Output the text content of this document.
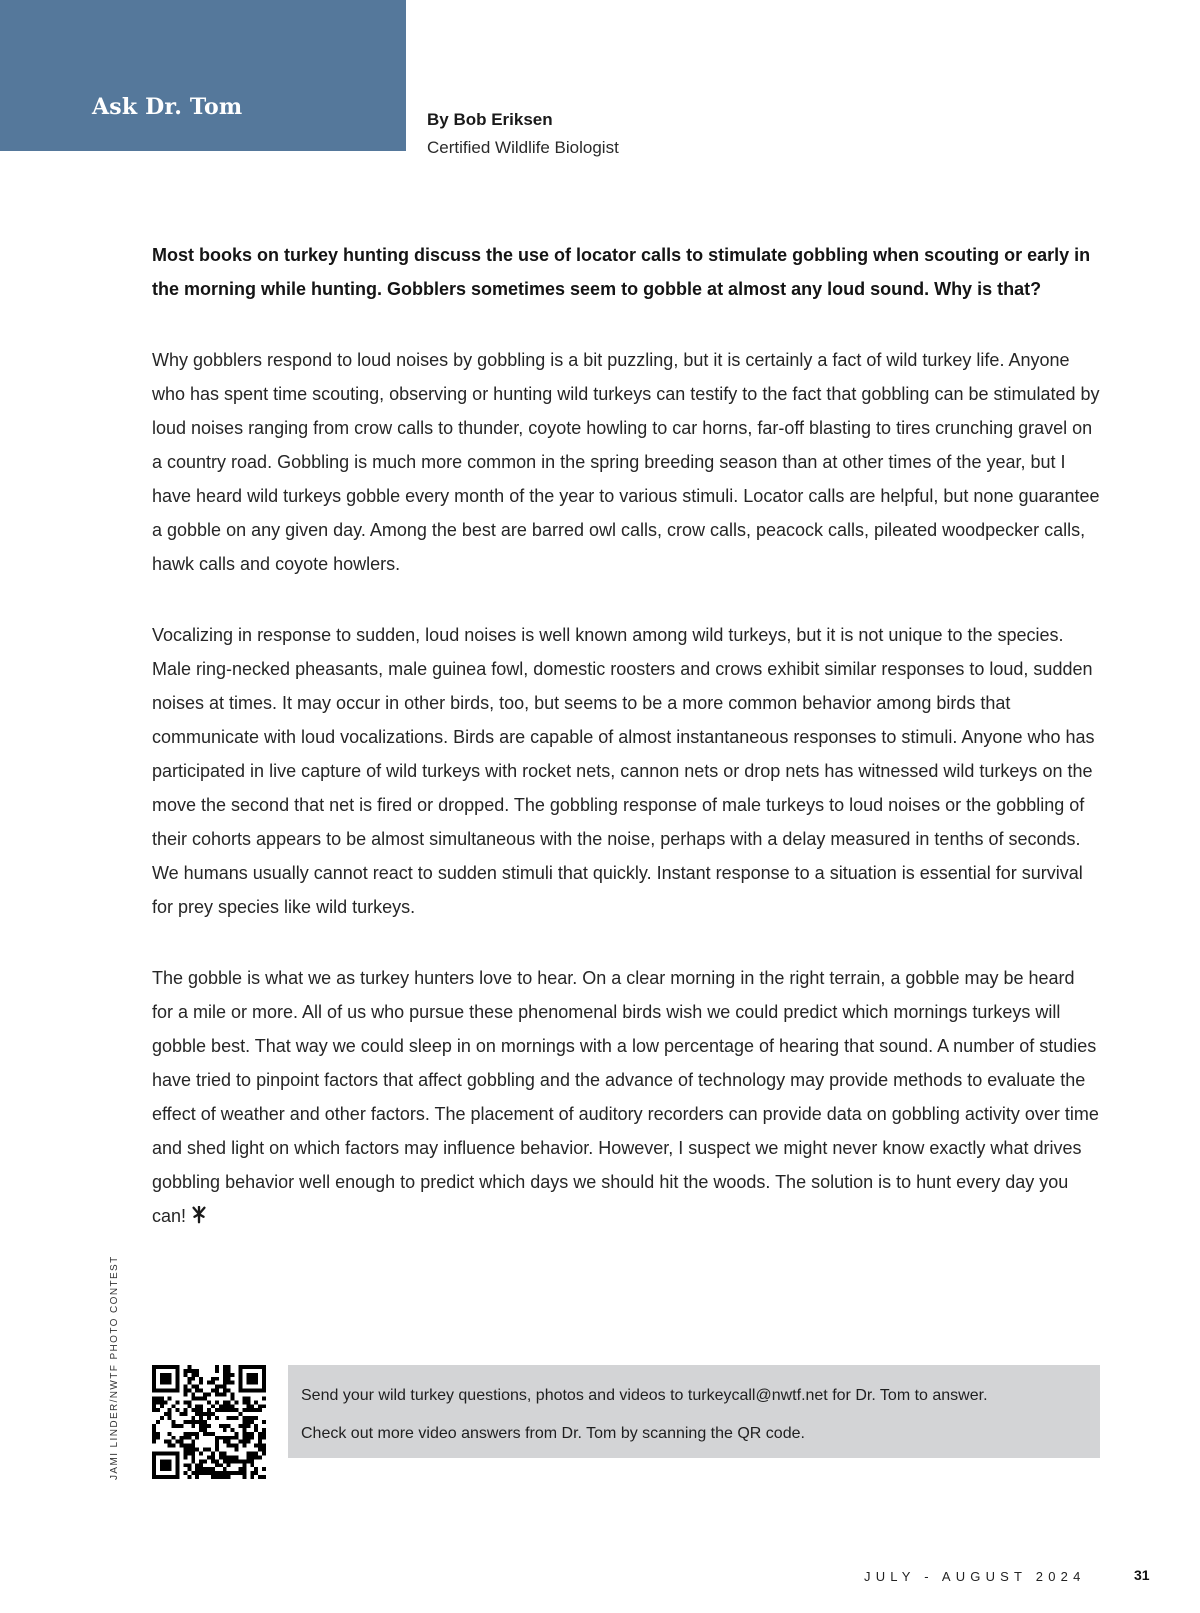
Ask Dr. Tom	By Bob Eriksen
Certified Wildlife Biologist

Most books on turkey hunting discuss the use of locator calls to stimulate gobbling when scouting or early in the morning while hunting. Gobblers sometimes seem to gobble at almost any loud sound. Why is that?

Why gobblers respond to loud noises by gobbling is a bit puzzling, but it is certainly a fact of wild turkey life. Anyone who has spent time scouting, observing or hunting wild turkeys can testify to the fact that gobbling can be stimulated by loud noises ranging from crow calls to thunder, coyote howling to car horns, far-off blasting to tires crunching gravel on a country road. Gobbling is much more common in the spring breeding season than at other times of the year, but I have heard wild turkeys gobble every month of the year to various stimuli. Locator calls are helpful, but none guarantee a gobble on any given day. Among the best are barred owl calls, crow calls, peacock calls, pileated woodpecker calls, hawk calls and coyote howlers.

Vocalizing in response to sudden, loud noises is well known among wild turkeys, but it is not unique to the species. Male ring-necked pheasants, male guinea fowl, domestic roosters and crows exhibit similar responses to loud, sudden noises at times. It may occur in other birds, too, but seems to be a more common behavior among birds that communicate with loud vocalizations. Birds are capable of almost instantaneous responses to stimuli. Anyone who has participated in live capture of wild turkeys with rocket nets, cannon nets or drop nets has witnessed wild turkeys on the move the second that net is fired or dropped. The gobbling response of male turkeys to loud noises or the gobbling of their cohorts appears to be almost simultaneous with the noise, perhaps with a delay measured in tenths of seconds. We humans usually cannot react to sudden stimuli that quickly. Instant response to a situation is essential for survival for prey species like wild turkeys.

The gobble is what we as turkey hunters love to hear. On a clear morning in the right terrain, a gobble may be heard for a mile or more. All of us who pursue these phenomenal birds wish we could predict which mornings turkeys will gobble best. That way we could sleep in on mornings with a low percentage of hearing that sound. A number of studies have tried to pinpoint factors that affect gobbling and the advance of technology may provide methods to evaluate the effect of weather and other factors. The placement of auditory recorders can provide data on gobbling activity over time and shed light on which factors may influence behavior. However, I suspect we might never know exactly what drives gobbling behavior well enough to predict which days we should hit the woods. The solution is to hunt every day you can!

JAMI LINDER/NWTF PHOTO CONTEST	Send your wild turkey questions, photos and videos to turkeycall@nwtf.net for Dr. Tom to answer.
Check out more video answers from Dr. Tom by scanning the QR code.
JULY - AUGUST 2024	31
